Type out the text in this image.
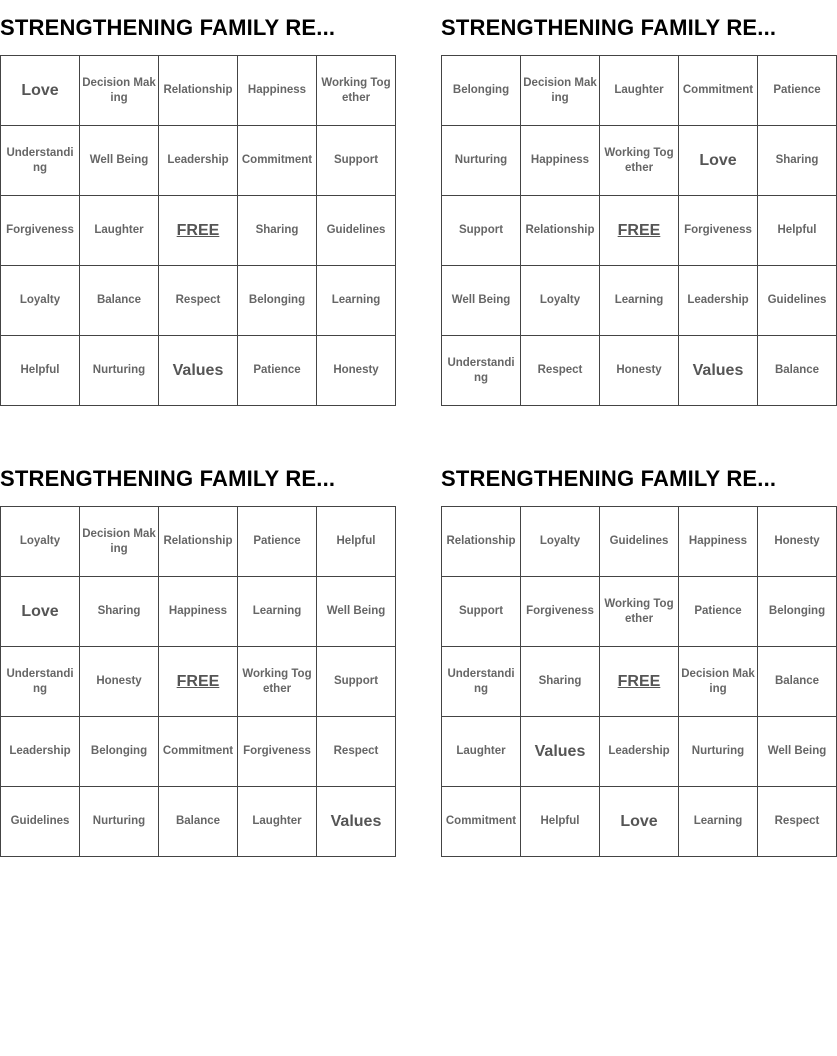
STRENGTHENING FAMILY RE...
Love	Decision Making	Relationship	Happiness	Working Together
Understanding	Well Being	Leadership	Commitment	Support
Forgiveness	Laughter	FREE	Sharing	Guidelines
Loyalty	Balance	Respect	Belonging	Learning
Helpful	Nurturing	Values	Patience	Honesty
STRENGTHENING FAMILY RE...
Belonging	Decision Making	Laughter	Commitment	Patience
Nurturing	Happiness	Working Together	Love	Sharing
Support	Relationship	FREE	Forgiveness	Helpful
Well Being	Loyalty	Learning	Leadership	Guidelines
Understanding	Respect	Honesty	Values	Balance
STRENGTHENING FAMILY RE...
Loyalty	Decision Making	Relationship	Patience	Helpful
Love	Sharing	Happiness	Learning	Well Being
Understanding	Honesty	FREE	Working Together	Support
Leadership	Belonging	Commitment	Forgiveness	Respect
Guidelines	Nurturing	Balance	Laughter	Values
STRENGTHENING FAMILY RE...
Relationship	Loyalty	Guidelines	Happiness	Honesty
Support	Forgiveness	Working Together	Patience	Belonging
Understanding	Sharing	FREE	Decision Making	Balance
Laughter	Values	Leadership	Nurturing	Well Being
Commitment	Helpful	Love	Learning	Respect
